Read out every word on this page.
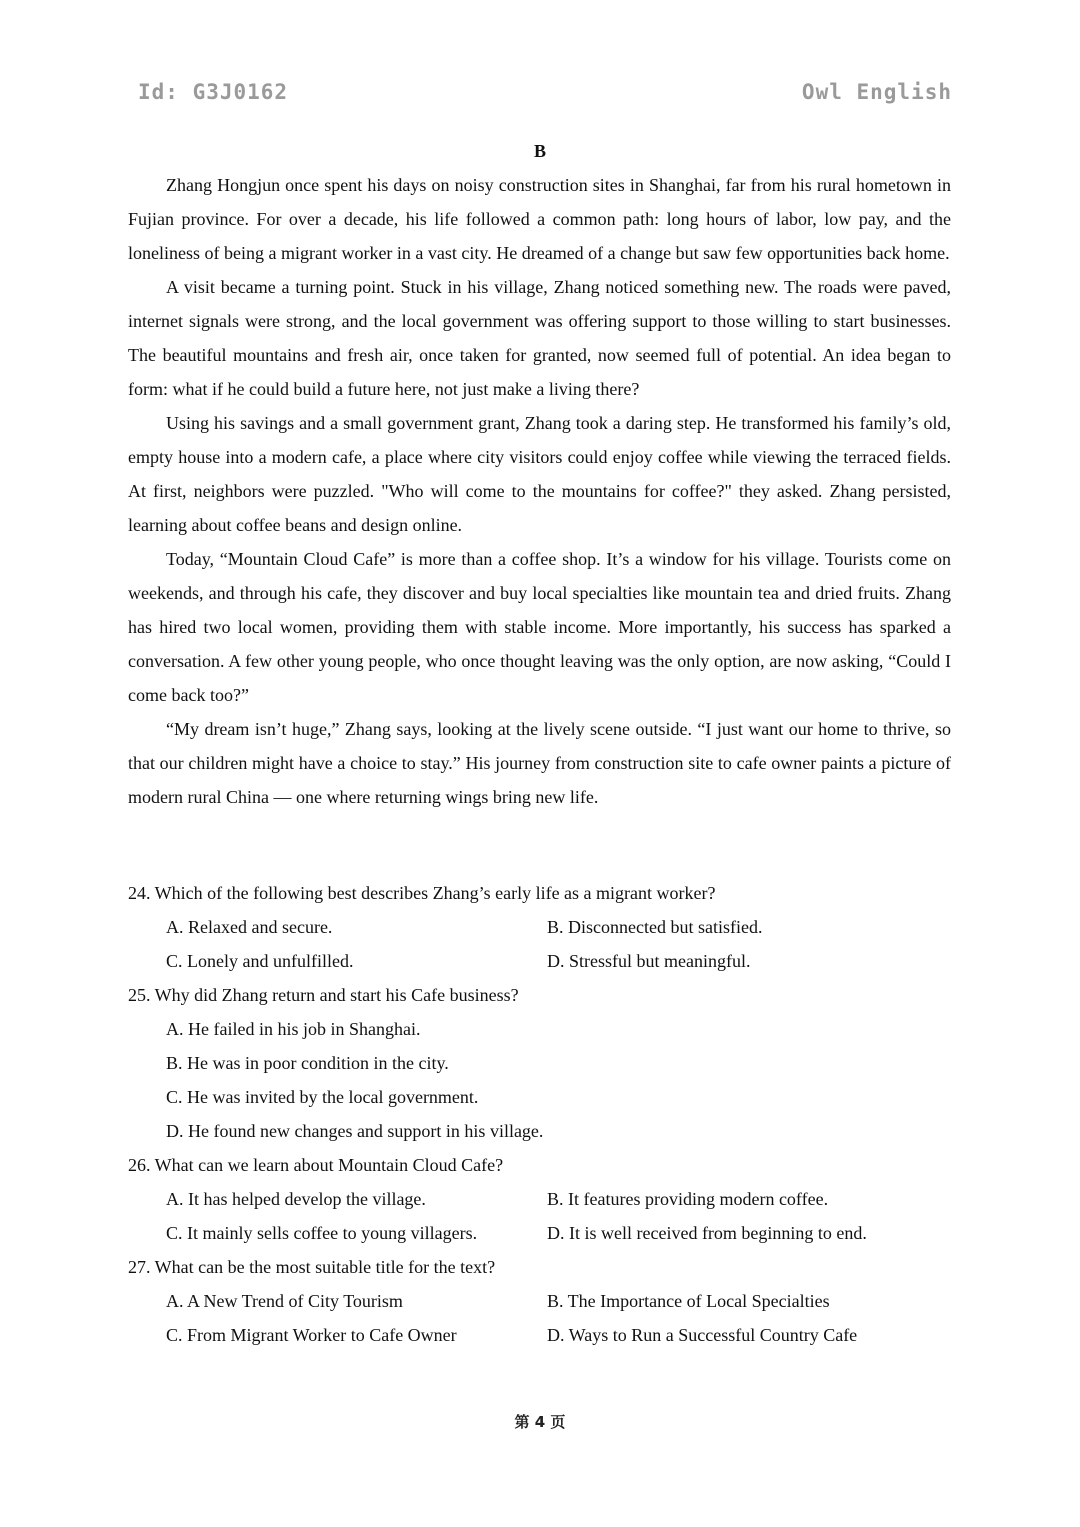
Id: G3J0162	Owl English
B

Zhang Hongjun once spent his days on noisy construction sites in Shanghai, far from his rural hometown in Fujian province. For over a decade, his life followed a common path: long hours of labor, low pay, and the loneliness of being a migrant worker in a vast city. He dreamed of a change but saw few opportunities back home.

A visit became a turning point. Stuck in his village, Zhang noticed something new. The roads were paved, internet signals were strong, and the local government was offering support to those willing to start businesses. The beautiful mountains and fresh air, once taken for granted, now seemed full of potential. An idea began to form: what if he could build a future here, not just make a living there?

Using his savings and a small government grant, Zhang took a daring step. He transformed his family’s old, empty house into a modern cafe, a place where city visitors could enjoy coffee while viewing the terraced fields. At first, neighbors were puzzled. "Who will come to the mountains for coffee?" they asked. Zhang persisted, learning about coffee beans and design online.

Today, “Mountain Cloud Cafe” is more than a coffee shop. It’s a window for his village. Tourists come on weekends, and through his cafe, they discover and buy local specialties like mountain tea and dried fruits. Zhang has hired two local women, providing them with stable income. More importantly, his success has sparked a conversation. A few other young people, who once thought leaving was the only option, are now asking, “Could I come back too?”

“My dream isn’t huge,” Zhang says, looking at the lively scene outside. “I just want our home to thrive, so that our children might have a choice to stay.” His journey from construction site to cafe owner paints a picture of modern rural China — one where returning wings bring new life.

24. Which of the following best describes Zhang’s early life as a migrant worker?

A. Relaxed and secure.	B. Disconnected but satisfied.
C. Lonely and unfulfilled.	D. Stressful but meaningful.

25. Why did Zhang return and start his Cafe business?

A. He failed in his job in Shanghai.
B. He was in poor condition in the city.
C. He was invited by the local government.
D. He found new changes and support in his village.

26. What can we learn about Mountain Cloud Cafe?

A. It has helped develop the village.	B. It features providing modern coffee.
C. It mainly sells coffee to young villagers.	D. It is well received from beginning to end.

27. What can be the most suitable title for the text?

A. A New Trend of City Tourism	B. The Importance of Local Specialties
C. From Migrant Worker to Cafe Owner	D. Ways to Run a Successful Country Cafe
第 4 页
